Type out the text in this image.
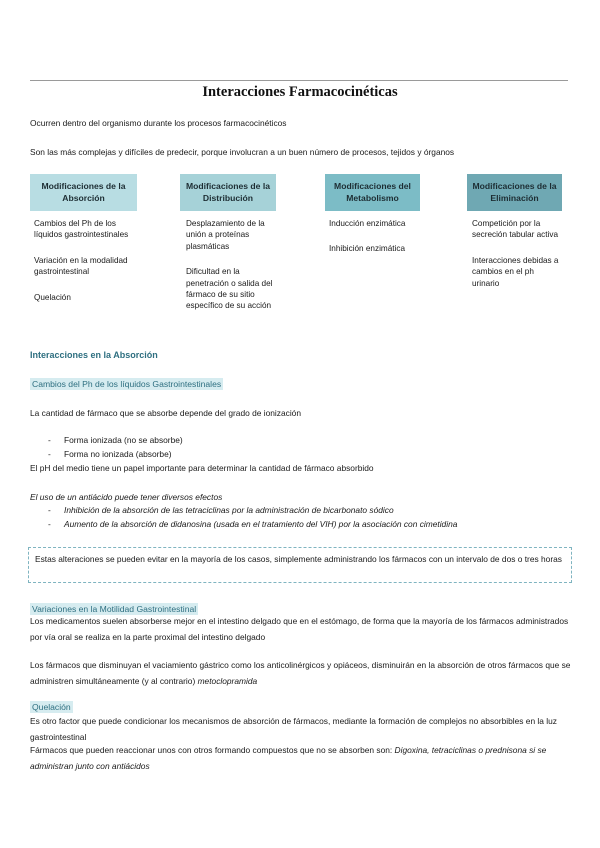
Interacciones Farmacocinéticas
Ocurren dentro del organismo durante los procesos farmacocinéticos
Son las más complejas y difíciles de predecir, porque involucran a un buen número de procesos, tejidos y órganos
Modificaciones de la Absorción
Modificaciones de la Distribución
Modificaciones del Metabolismo
Modificaciones de la Eliminación

Cambios del Ph de los líquidos gastrointestinales

Variación en la modalidad gastrointestinal

Quelación

Desplazamiento de la unión a proteínas plasmáticas

Dificultad en la penetración o salida del fármaco de su sitio específico de su acción

Inducción enzimática

Inhibición enzimática

Competición por la secreción tabular activa

Interacciones debidas a cambios en el ph urinario

Interacciones en la Absorción
Cambios del Ph de los líquidos Gastrointestinales
La cantidad de fármaco que se absorbe depende del grado de ionización
- Forma ionizada (no se absorbe)
- Forma no ionizada (absorbe)
El pH del medio tiene un papel importante para determinar la cantidad de fármaco absorbido
El uso de un antiácido puede tener diversos efectos
- Inhibición de la absorción de las tetraciclinas por la administración de bicarbonato sódico
- Aumento de la absorción de didanosina (usada en el tratamiento del VIH) por la asociación con cimetidina
Estas alteraciones se pueden evitar en la mayoría de los casos, simplemente administrando los fármacos con un intervalo de dos o tres horas
Variaciones en la Motilidad Gastrointestinal
Los medicamentos suelen absorberse mejor en el intestino delgado que en el estómago, de forma que la mayoría de los fármacos administrados por vía oral se realiza en la parte proximal del intestino delgado
Los fármacos que disminuyan el vaciamiento gástrico como los anticolinérgicos y opiáceos, disminuirán en la absorción de otros fármacos que se administren simultáneamente (y al contrario) metoclopramida
Quelación
Es otro factor que puede condicionar los mecanismos de absorción de fármacos, mediante la formación de complejos no absorbibles en la luz gastrointestinal
Fármacos que pueden reaccionar unos con otros formando compuestos que no se absorben son: Digoxina, tetraciclinas o prednisona si se administran junto con antiácidos
